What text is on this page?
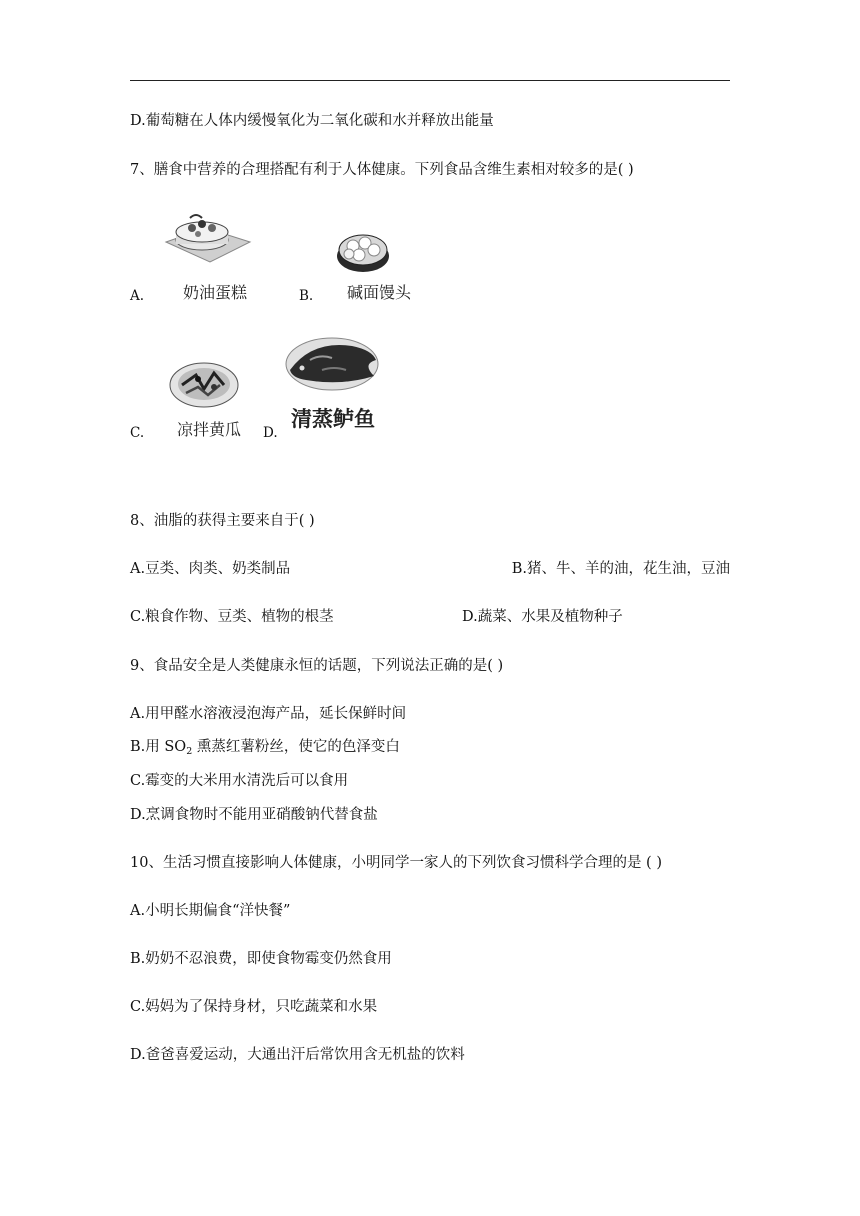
D.葡萄糖在人体内缓慢氧化为二氧化碳和水并释放出能量
7、膳食中营养的合理搭配有利于人体健康。下列食品含维生素相对较多的是( )
A. 奶油蛋糕	B. 碱面馒头
C. 凉拌黄瓜 D.
清蒸鲈鱼
8、油脂的获得主要来自于( )
A.豆类、肉类、奶类制品	B.猪、牛、羊的油，花生油，豆油
C.粮食作物、豆类、植物的根茎	D.蔬菜、水果及植物种子
9、食品安全是人类健康永恒的话题，下列说法正确的是( )
A.用甲醛水溶液浸泡海产品，延长保鲜时间
B.用 $SO_2$ 熏蒸红薯粉丝，使它的色泽变白
C.霉变的大米用水清洗后可以食用
D.烹调食物时不能用亚硝酸钠代替食盐
10、生活习惯直接影响人体健康，小明同学一家人的下列饮食习惯科学合理的是 ( )
A.小明长期偏食“洋快餐”
B.奶奶不忍浪费，即使食物霉变仍然食用
C.妈妈为了保持身材，只吃蔬菜和水果
D.爸爸喜爱运动，大通出汗后常饮用含无机盐的饮料
